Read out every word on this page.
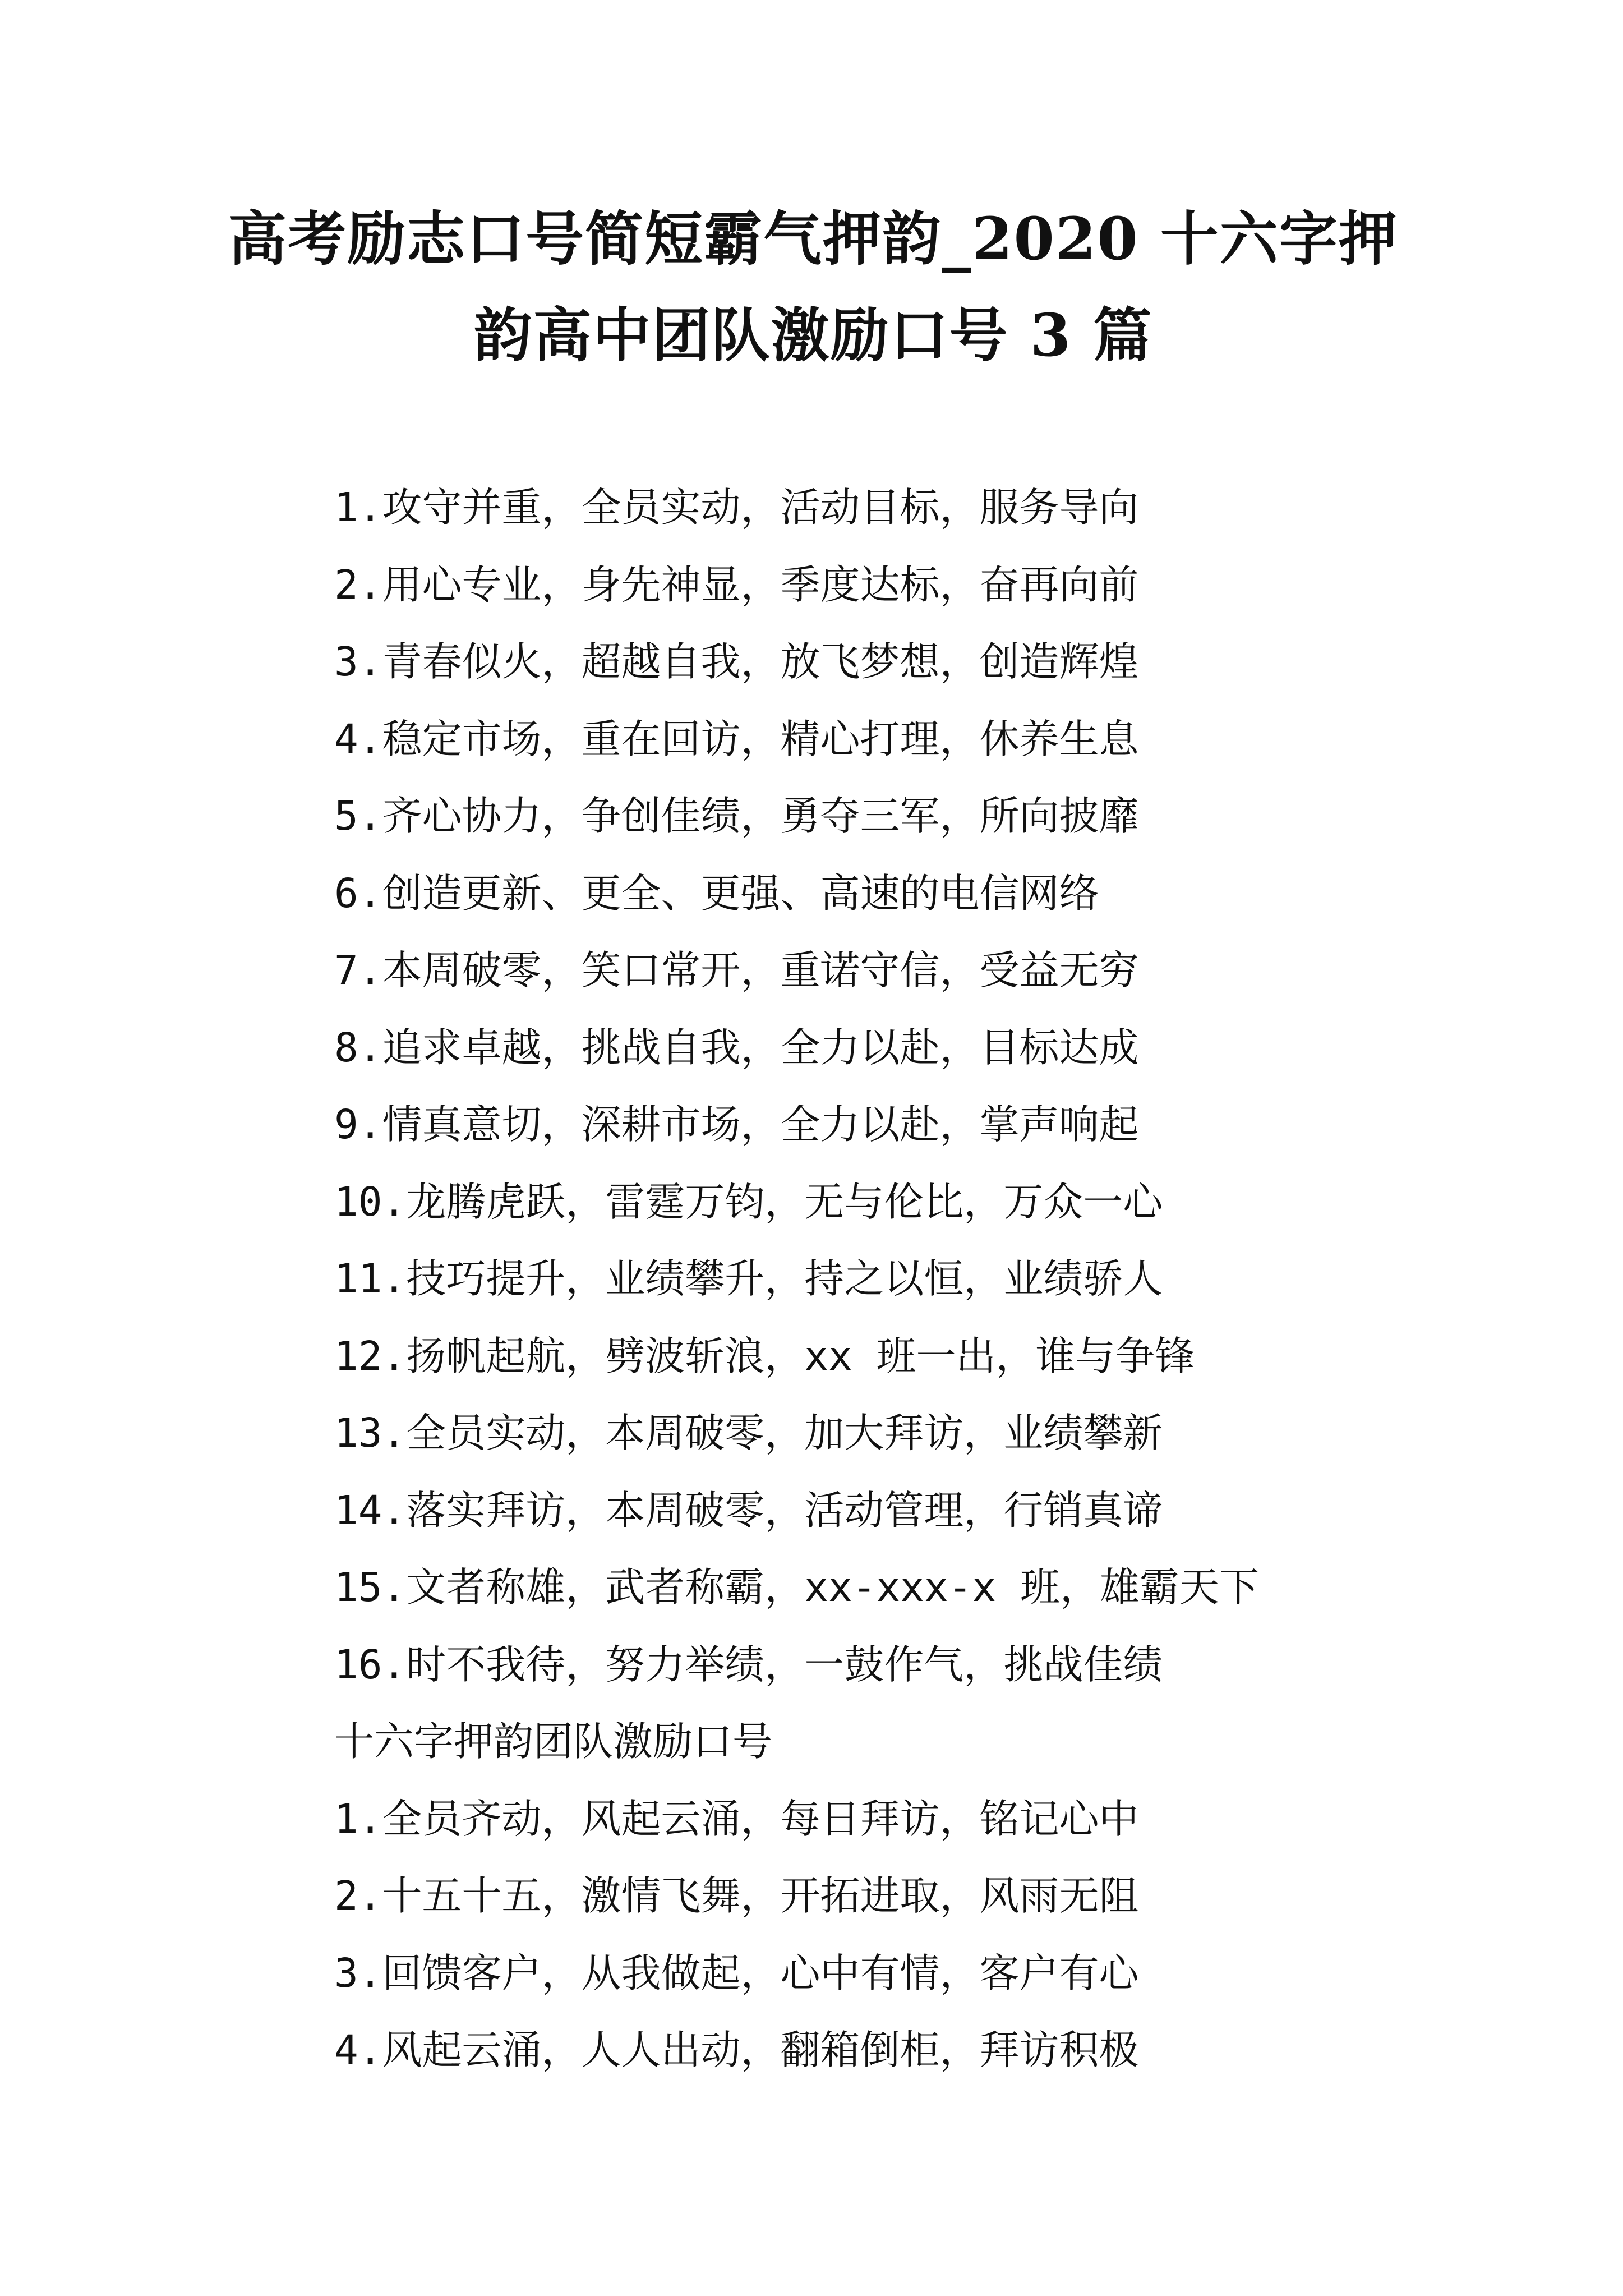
高考励志口号简短霸气押韵_2020 十六字押
韵高中团队激励口号 3 篇
1.攻守并重，全员实动，活动目标，服务导向
2.用心专业，身先神显，季度达标，奋再向前
3.青春似火，超越自我，放飞梦想，创造辉煌
4.稳定市场，重在回访，精心打理，休养生息
5.齐心协力，争创佳绩，勇夺三军，所向披靡
6.创造更新、更全、更强、高速的电信网络
7.本周破零，笑口常开，重诺守信，受益无穷
8.追求卓越，挑战自我，全力以赴，目标达成
9.情真意切，深耕市场，全力以赴，掌声响起
10.龙腾虎跃，雷霆万钧，无与伦比，万众一心
11.技巧提升，业绩攀升，持之以恒，业绩骄人
12.扬帆起航，劈波斩浪，xx 班一出，谁与争锋
13.全员实动，本周破零，加大拜访，业绩攀新
14.落实拜访，本周破零，活动管理，行销真谛
15.文者称雄，武者称霸，xx-xxx-x 班，雄霸天下
16.时不我待，努力举绩，一鼓作气，挑战佳绩
十六字押韵团队激励口号
1.全员齐动，风起云涌，每日拜访，铭记心中
2.十五十五，激情飞舞，开拓进取，风雨无阻
3.回馈客户，从我做起，心中有情，客户有心
4.风起云涌，人人出动，翻箱倒柜，拜访积极
